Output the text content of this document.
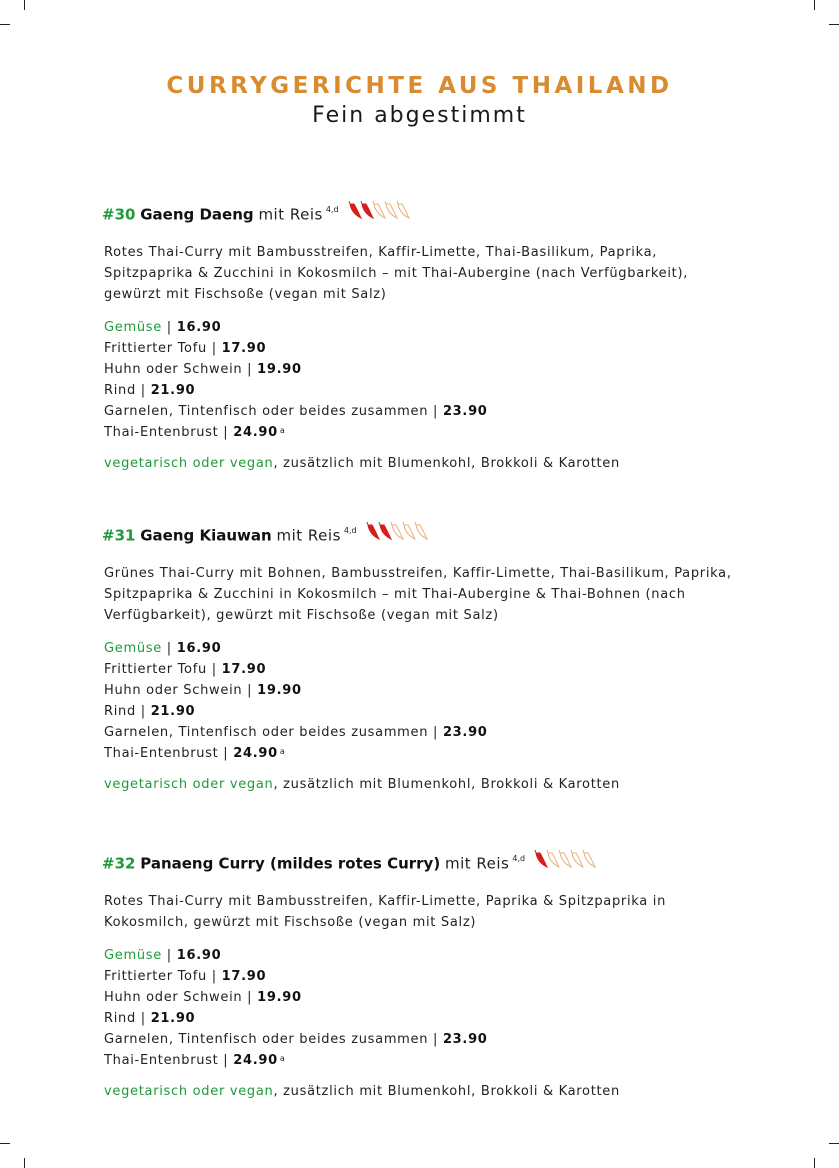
CURRYGERICHTE AUS THAILAND
Fein abgestimmt
#30 Gaeng Daeng mit Reis $^{4,d}$
Rotes Thai-Curry mit Bambusstreifen, Kaffir-Limette, Thai-Basilikum, Paprika, Spitzpaprika & Zucchini in Kokosmilch – mit Thai-Aubergine (nach Verfügbarkeit), gewürzt mit Fischsoße (vegan mit Salz)
Gemüse | 16.90
Frittierter Tofu | 17.90
Huhn oder Schwein | 19.90
Rind | 21.90
Garnelen, Tintenfisch oder beides zusammen | 23.90
Thai-Entenbrust | 24.90 $^a$
vegetarisch oder vegan, zusätzlich mit Blumenkohl, Brokkoli & Karotten
#31 Gaeng Kiauwan mit Reis $^{4,d}$
Grünes Thai-Curry mit Bohnen, Bambusstreifen, Kaffir-Limette, Thai-Basilikum, Paprika, Spitzpaprika & Zucchini in Kokosmilch – mit Thai-Aubergine & Thai-Bohnen (nach Verfügbarkeit), gewürzt mit Fischsoße (vegan mit Salz)
Gemüse | 16.90
Frittierter Tofu | 17.90
Huhn oder Schwein | 19.90
Rind | 21.90
Garnelen, Tintenfisch oder beides zusammen | 23.90
Thai-Entenbrust | 24.90 $^a$
vegetarisch oder vegan, zusätzlich mit Blumenkohl, Brokkoli & Karotten
#32 Panaeng Curry (mildes rotes Curry) mit Reis $^{4,d}$
Rotes Thai-Curry mit Bambusstreifen, Kaffir-Limette, Paprika & Spitzpaprika in Kokosmilch, gewürzt mit Fischsoße (vegan mit Salz)
Gemüse | 16.90
Frittierter Tofu | 17.90
Huhn oder Schwein | 19.90
Rind | 21.90
Garnelen, Tintenfisch oder beides zusammen | 23.90
Thai-Entenbrust | 24.90 $^a$
vegetarisch oder vegan, zusätzlich mit Blumenkohl, Brokkoli & Karotten
